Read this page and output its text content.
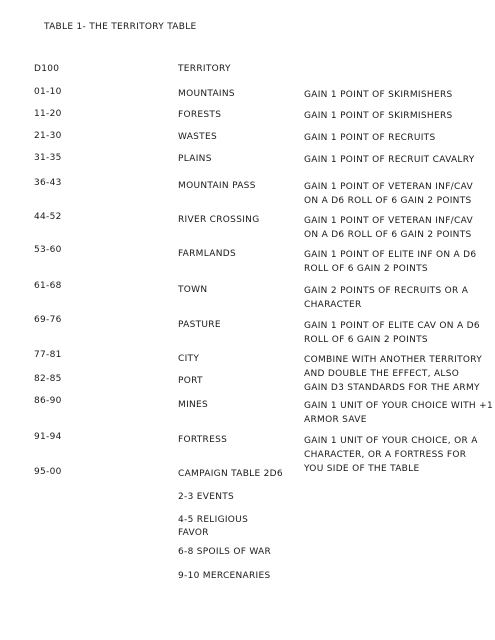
TABLE 1- THE TERRITORY TABLE
D100	TERRITORY
01-10	MOUNTAINS	GAIN 1 POINT OF SKIRMISHERS
11-20	FORESTS	GAIN 1 POINT OF SKIRMISHERS
21-30	WASTES	GAIN 1 POINT OF RECRUITS
31-35	PLAINS	GAIN 1 POINT OF RECRUIT CAVALRY
36-43	MOUNTAIN PASS	GAIN 1 POINT OF VETERAN INF/CAV
ON A D6 ROLL OF 6 GAIN 2 POINTS
44-52	RIVER CROSSING	GAIN 1 POINT OF VETERAN INF/CAV
ON A D6 ROLL OF 6 GAIN 2 POINTS
53-60	FARMLANDS	GAIN 1 POINT OF ELITE INF ON A D6
ROLL OF 6 GAIN 2 POINTS
61-68	TOWN	GAIN 2 POINTS OF RECRUITS OR A
CHARACTER
69-76	PASTURE	GAIN 1 POINT OF ELITE CAV ON A D6
ROLL OF 6 GAIN 2 POINTS
77-81	CITY	COMBINE WITH ANOTHER TERRITORY
AND DOUBLE THE EFFECT, ALSO
GAIN D3 STANDARDS FOR THE ARMY
82-85	PORT
86-90	MINES	GAIN 1 UNIT OF YOUR CHOICE WITH +1
ARMOR SAVE
91-94	FORTRESS	GAIN 1 UNIT OF YOUR CHOICE, OR A
CHARACTER, OR A FORTRESS FOR
YOU SIDE OF THE TABLE
95-00	CAMPAIGN TABLE 2D6
2-3 EVENTS
4-5 RELIGIOUS
FAVOR
6-8 SPOILS OF WAR
9-10 MERCENARIES
